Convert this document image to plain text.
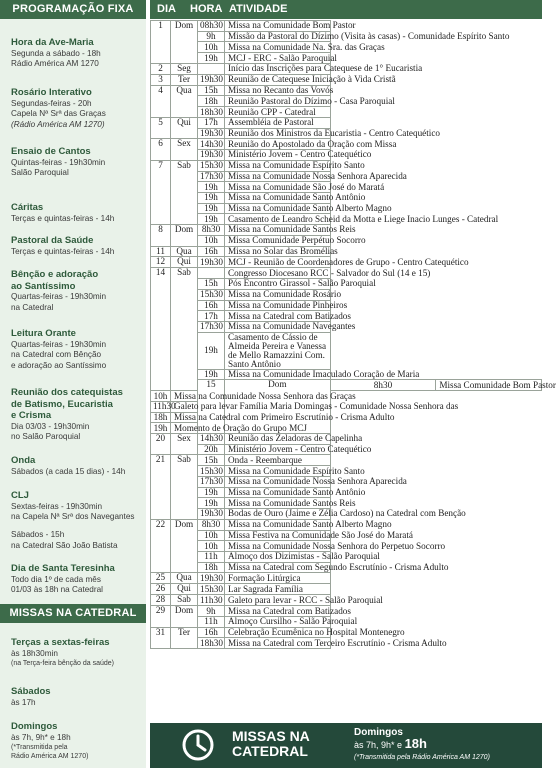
PROGRAMAÇÃO FIXA
Hora da Ave-Maria
Segunda a sábado - 18h
Rádio América AM 1270
Rosário Interativo
Segundas-feiras - 20h
Capela Nª Srª das Graças
(Rádio América AM 1270)
Ensaio de Cantos
Quintas-feiras - 19h30min
Salão Paroquial
Cáritas
Terças e quintas-feiras - 14h
Pastoral da Saúde
Terças e quintas-feiras - 14h
Bênção e adoração
ao Santíssimo
Quartas-feiras - 19h30min
na Catedral
Leitura Orante
Quartas-feiras - 19h30min
na Catedral com Bênção
e adoração ao Santíssimo
Reunião dos catequistas
de Batismo, Eucaristia
e Crisma
Dia 03/03 - 19h30min
no Salão Paroquial
Onda
Sábados (a cada 15 dias) - 14h
CLJ
Sextas-feiras - 19h30min
na Capela Nª Srª dos Navegantes
Sábados - 15h
na Catedral São João Batista
Dia de Santa Teresinha
Todo dia 1º de cada mês
01/03 às 18h na Catedral
MISSAS NA CATEDRAL
Terças a sextas-feiras
às 18h30min
(na Terça-feira bênção da saúde)
Sábados
às 17h
Domingos
às 7h, 9h* e 18h
(*Transmitida pela
Rádio América AM 1270)
DIA HORA ATIVIDADE
1	Dom	08h30	Missa na Comunidade Bom Pastor		
		9h	Missão da Pastoral do Dízimo (Visita às casas) - Comunidade Espírito Santo		
		10h	Missa na Comunidade Na. Sra. das Graças		
		19h	MCJ - ERC - Salão Paroquial		
2	Seg		Início das Inscrições para Catequese de 1° Eucaristia		
3	Ter	19h30	Reunião de Catequese Iniciação à Vida Cristã		
4	Qua	15h	Missa no Recanto das Vovós		
		18h	Reunião Pastoral do Dízimo - Casa Paroquial		
		18h30	Reunião CPP - Catedral		
5	Qui	17h	Assembléia de Pastoral		
		19h30	Reunião dos Ministros da Eucaristia - Centro Catequético		
6	Sex	14h30	Reunião do Apostolado da Oração com Missa		
		19h30	Ministério Jovem - Centro Catequético		
7	Sab	15h30	Missa na Comunidade Espírito Santo		
		17h30	Missa na Comunidade Nossa Senhora Aparecida		
		19h	Missa na Comunidade São José do Maratá		
		19h	Missa na Comunidade Santo Antônio		
		19h	Missa na Comunidade Santo Alberto Magno		
		19h	Casamento de Leandro Scheid da Motta e Liege Inacio Lunges - Catedral		
8	Dom	8h30	Missa na Comunidade Santos Reis		
		10h	Missa Comunidade Perpétuo Socorro		
11	Qua	16h	Missa no Solar das Bromélias		
12	Qui	19h30	MCJ - Reunião de Coordenadores de Grupo - Centro Catequético		
14	Sab		Congresso Diocesano RCC - Salvador do Sul (14 e 15)		
		15h	Pós Encontro Girassol - Salão Paroquial		
		15h30	Missa na Comunidade Rosário		
		16h	Missa na Comunidade Pinheiros		
		17h	Missa na Catedral com Batizados		
		17h30	Missa na Comunidade Navegantes		
		19h	Casamento de Cássio de Almeida Pereira e Vanessa de Mello Ramazzini Com. Santo Antônio		
		19h	Missa na Comunidade Imaculado Coração de Maria		
		15	Dom	8h30	Missa Comunidade Bom Pastor
10h	Missa na Comunidade Nossa Senhora das Graças				
11h30	Galeto para levar Família Maria Domingas - Comunidade Nossa Senhora das				
18h	Missa na Catedral com Primeiro Escrutínio - Crisma Adulto				
19h	Momento de Oração do Grupo MCJ				
20	Sex	14h30	Reunião das Zeladoras de Capelinha		
		20h	Ministério Jovem - Centro Catequético		
21	Sab	15h	Onda - Reembarque		
		15h30	Missa na Comunidade Espírito Santo		
		17h30	Missa na Comunidade Nossa Senhora Aparecida		
		19h	Missa na Comunidade Santo Antônio		
		19h	Missa na Comunidade Santos Reis		
		19h30	Bodas de Ouro (Jaime e Zélia Cardoso) na Catedral com Benção		
22	Dom	8h30	Missa na Comunidade Santo Alberto Magno		
		10h	Missa Festiva na Comunidade São José do Maratá		
		10h	Missa na Comunidade Nossa Senhora do Perpetuo Socorro		
		11h	Almoço dos Dizimistas - Salão Paroquial		
		18h	Missa na Catedral com Segundo Escrutínio - Crisma Adulto		
25	Qua	19h30	Formação Litúrgica		
26	Qui	15h30	Lar Sagrada Família		
28	Sab	11h30	Galeto para levar - RCC - Salão Paroquial		
29	Dom	9h	Missa na Catedral com Batizados		
		11h	Almoço Cursilho - Salão Paroquial		
31	Ter	16h	Celebração Ecumênica no Hospital Montenegro		
		18h30	Missa na Catedral com Terceiro Escrutínio - Crisma Adulto		
MISSAS NA CATEDRAL
Domingos
às 7h, 9h* e 18h
(*Transmitida pela Rádio América AM 1270)
